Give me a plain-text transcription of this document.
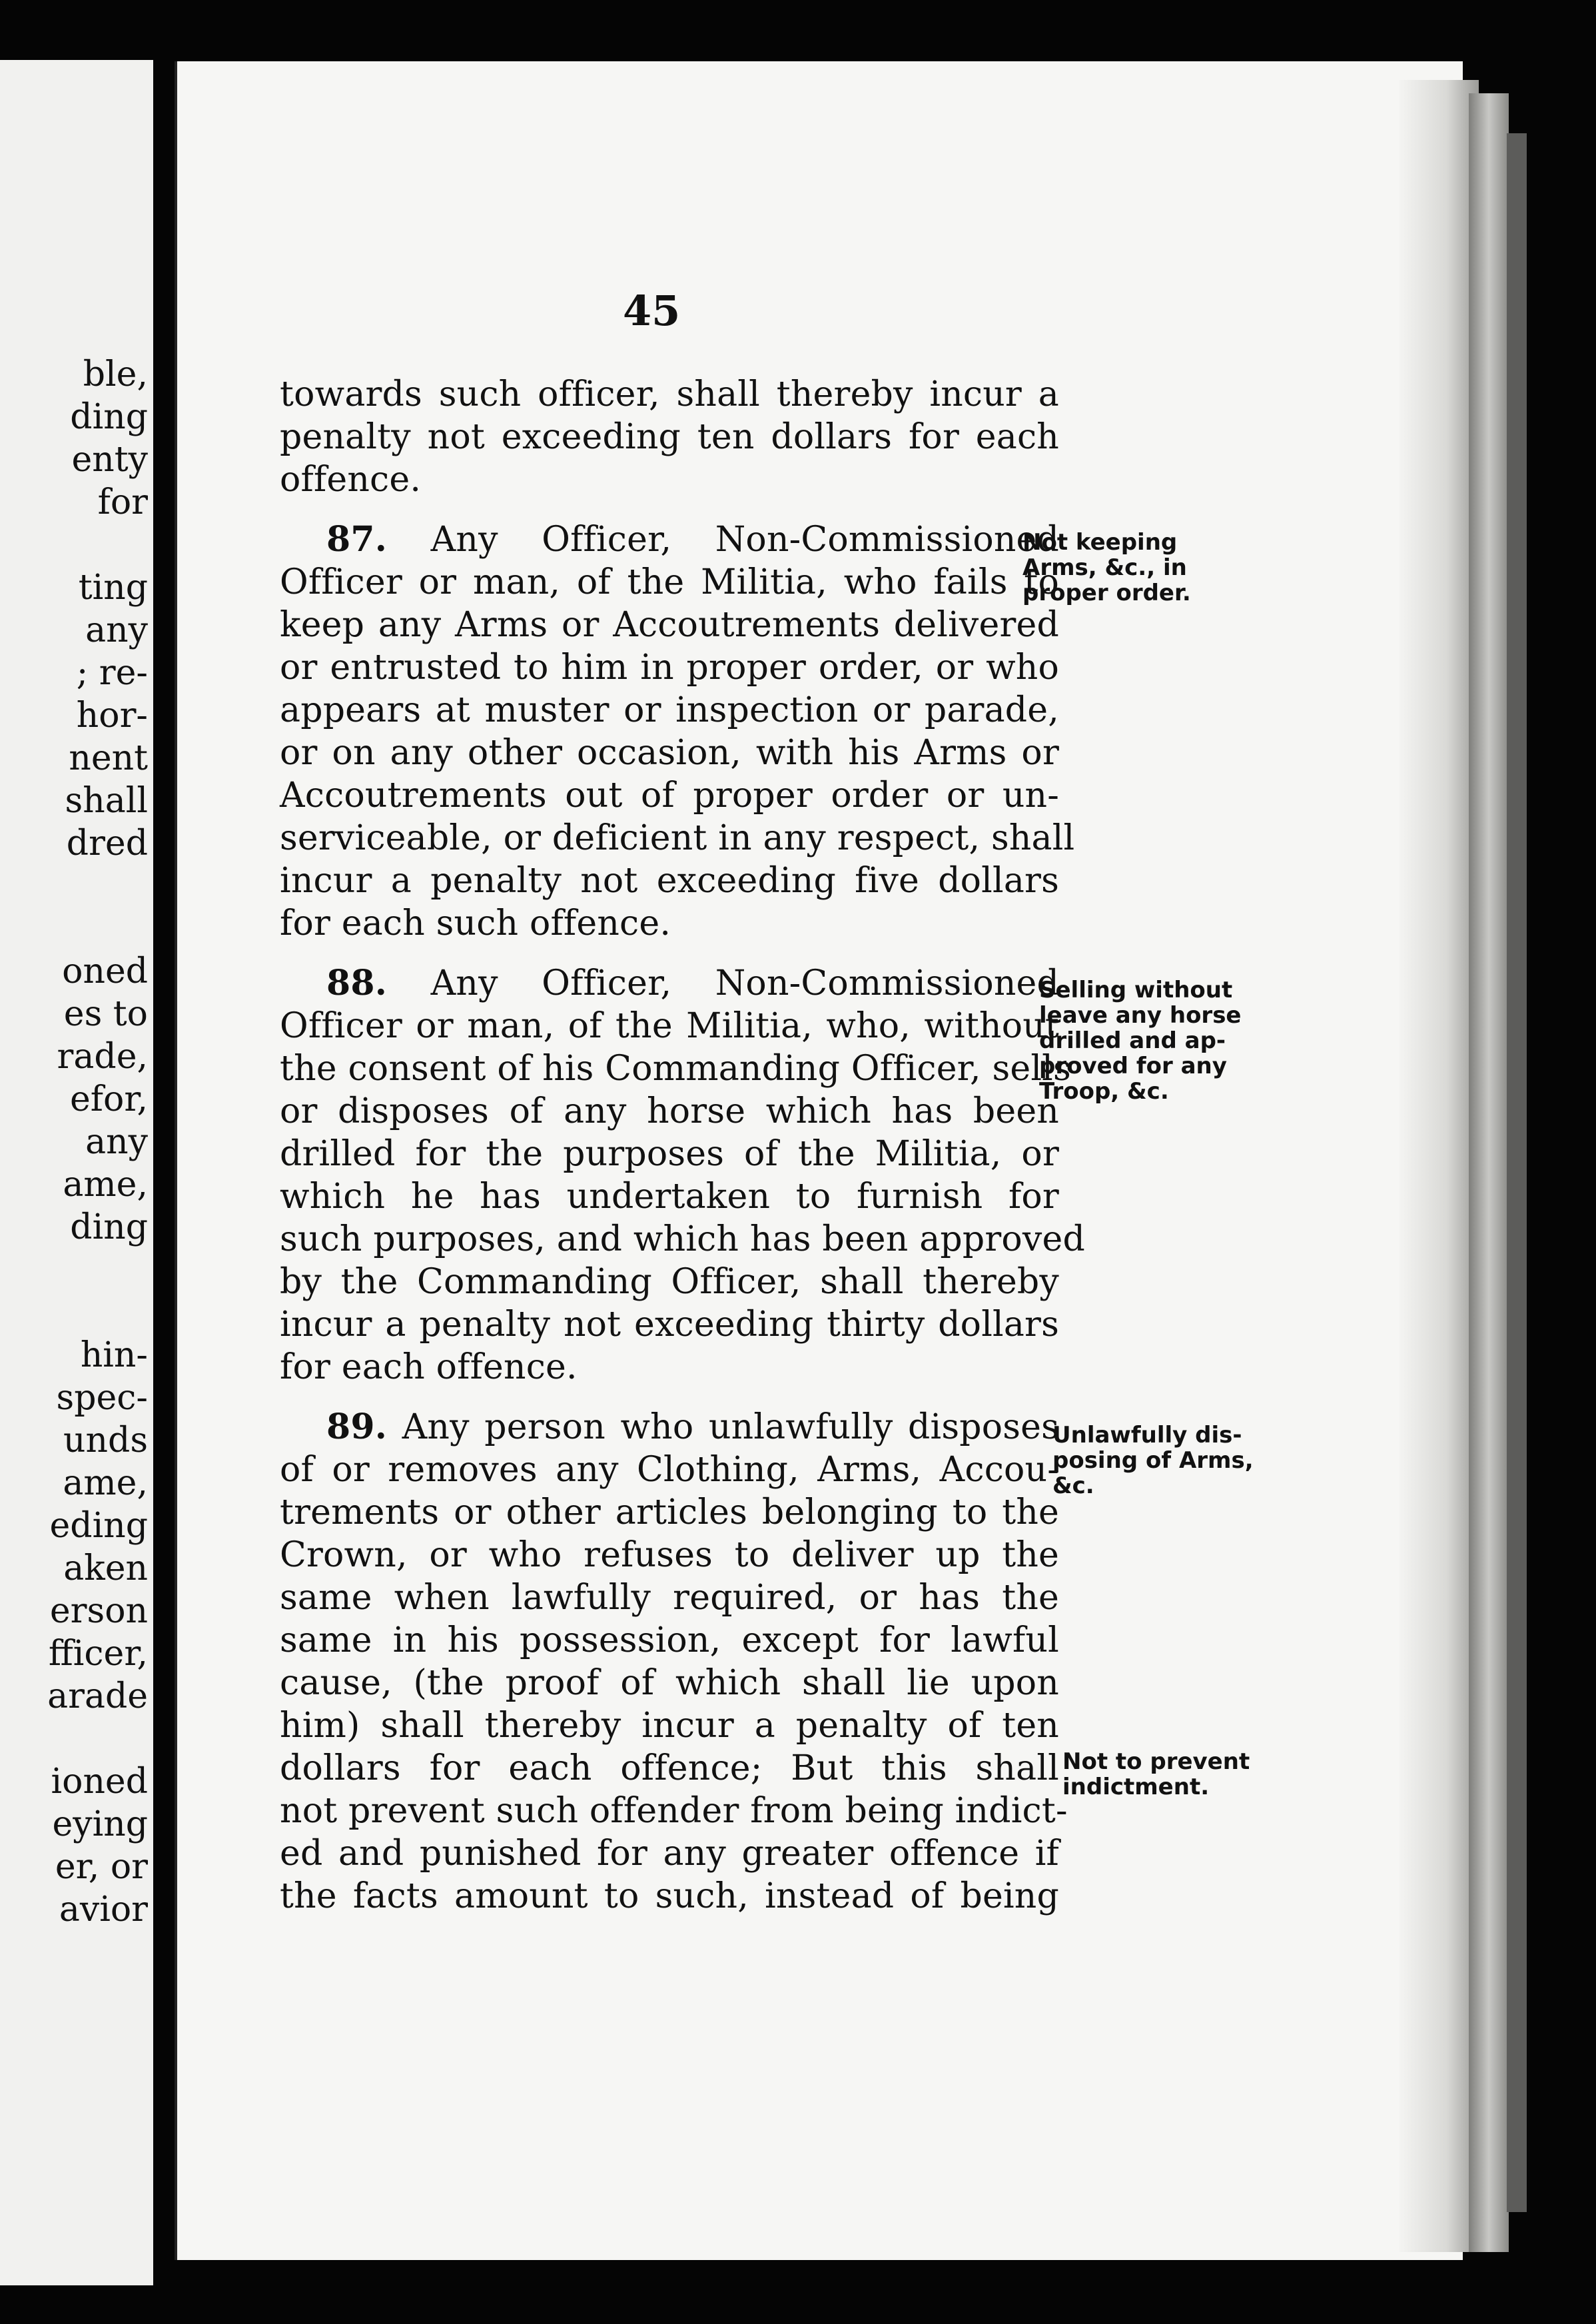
ble,
ding
enty
for
ting
any
; re-
hor-
nent
shall
dred
oned
es to
rade,
efor,
any
ame,
ding
hin-
spec-
unds
ame,
eding
aken
erson
fficer,
arade
ioned
eying
er, or
avior
45
towards such officer, shall thereby incur a
penalty not exceeding ten dollars for each
offence.
87. Any Officer, Non-Commissioned
Officer or man, of the Militia, who fails to
keep any Arms or Accoutrements delivered
or entrusted to him in proper order, or who
appears at muster or inspection or parade,
or on any other occasion, with his Arms or
Accoutrements out of proper order or un-
serviceable, or deficient in any respect, shall
incur a penalty not exceeding five dollars
for each such offence.
88. Any Officer, Non-Commissioned
Officer or man, of the Militia, who, without
the consent of his Commanding Officer, sells
or disposes of any horse which has been
drilled for the purposes of the Militia, or
which he has undertaken to furnish for
such purposes, and which has been approved
by the Commanding Officer, shall thereby
incur a penalty not exceeding thirty dollars
for each offence.
89. Any person who unlawfully disposes
of or removes any Clothing, Arms, Accou-
trements or other articles belonging to the
Crown, or who refuses to deliver up the
same when lawfully required, or has the
same in his possession, except for lawful
cause, (the proof of which shall lie upon
him) shall thereby incur a penalty of ten
dollars for each offence; But this shall
not prevent such offender from being indict-
ed and punished for any greater offence if
the facts amount to such, instead of being
Not keeping
Arms, &c., in
proper order.
Selling without
leave any horse
drilled and ap-
proved for any
Troop, &c.
Unlawfully dis-
posing of Arms,
&c.
Not to prevent
indictment.
